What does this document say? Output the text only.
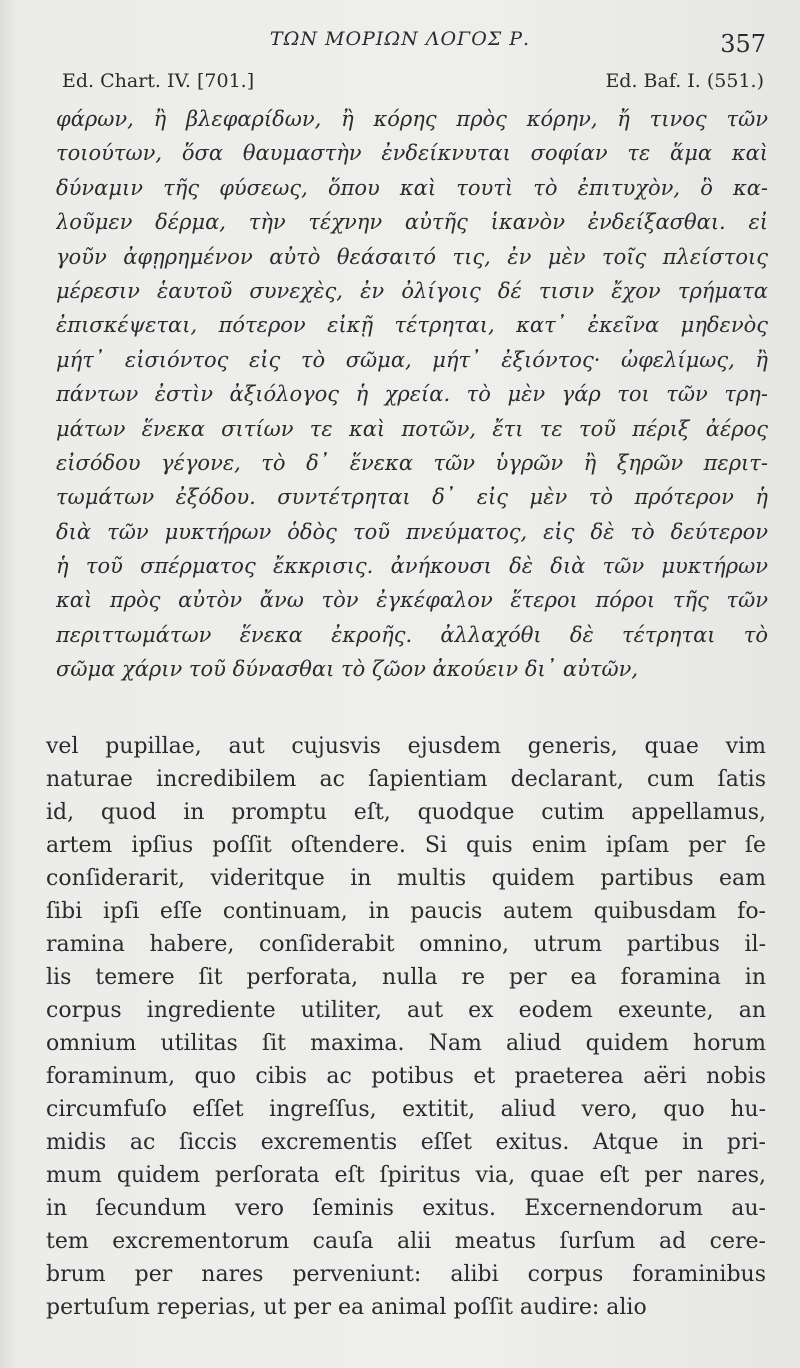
ΤΩΝ ΜΟΡΙΩΝ ΛΟΓΟΣ Ρ.	357
Ed. Chart. IV. [701.]	Ed. Baf. I. (551.)
φάρων, ἢ βλεφαρίδων, ἢ κόρης πρὸς κόρην, ἤ τινος τῶν
τοιούτων, ὅσα θαυμαστὴν ἐνδείκνυται σοφίαν τε ἅμα καὶ
δύναμιν τῆς φύσεως, ὅπου καὶ τουτὶ τὸ ἐπιτυχὸν, ὃ κα-
λοῦμεν δέρμα, τὴν τέχνην αὐτῆς ἱκανὸν ἐνδείξασθαι. εἰ
γοῦν ἀφῃρημένον αὐτὸ θεάσαιτό τις, ἐν μὲν τοῖς πλείστοις
μέρεσιν ἑαυτοῦ συνεχὲς, ἐν ὀλίγοις δέ τισιν ἔχον τρήματα
ἐπισκέψεται, πότερον εἰκῇ τέτρηται, κατ᾽ ἐκεῖνα μηδενὸς
μήτ᾽ εἰσιόντος εἰς τὸ σῶμα, μήτ᾽ ἐξιόντος· ὠφελίμως, ἢ
πάντων ἐστὶν ἀξιόλογος ἡ χρεία. τὸ μὲν γάρ τοι τῶν τρη-
μάτων ἕνεκα σιτίων τε καὶ ποτῶν, ἔτι τε τοῦ πέριξ ἀέρος
εἰσόδου γέγονε, τὸ δ᾽ ἕνεκα τῶν ὑγρῶν ἢ ξηρῶν περιτ-
τωμάτων ἐξόδου. συντέτρηται δ᾽ εἰς μὲν τὸ πρότερον ἡ
διὰ τῶν μυκτήρων ὁδὸς τοῦ πνεύματος, εἰς δὲ τὸ δεύτερον
ἡ τοῦ σπέρματος ἔκκρισις. ἀνήκουσι δὲ διὰ τῶν μυκτήρων
καὶ πρὸς αὐτὸν ἄνω τὸν ἐγκέφαλον ἕτεροι πόροι τῆς τῶν
περιττωμάτων ἕνεκα ἐκροῆς. ἀλλαχόθι δὲ τέτρηται τὸ
σῶμα χάριν τοῦ δύνασθαι τὸ ζῶον ἀκούειν δι᾽ αὐτῶν,
vel pupillae, aut cujusvis ejusdem generis, quae vim
naturae incredibilem ac ſapientiam declarant, cum ſatis
id, quod in promptu eſt, quodque cutim appellamus,
artem ipſius poſſit oſtendere. Si quis enim ipſam per ſe
conſiderarit, videritque in multis quidem partibus eam
ſibi ipſi eſſe continuam, in paucis autem quibusdam fo-
ramina habere, conſiderabit omnino, utrum partibus il-
lis temere ſit perforata, nulla re per ea foramina in
corpus ingrediente utiliter, aut ex eodem exeunte, an
omnium utilitas ſit maxima. Nam aliud quidem horum
foraminum, quo cibis ac potibus et praeterea aëri nobis
circumfuſo eſſet ingreſſus, extitit, aliud vero, quo hu-
midis ac ſiccis excrementis eſſet exitus. Atque in pri-
mum quidem perſorata eſt ſpiritus via, quae eſt per nares,
in ſecundum vero ſeminis exitus. Excernendorum au-
tem excrementorum cauſa alii meatus ſurſum ad cere-
brum per nares perveniunt: alibi corpus foraminibus
pertuſum reperias, ut per ea animal poſſit audire: alio
